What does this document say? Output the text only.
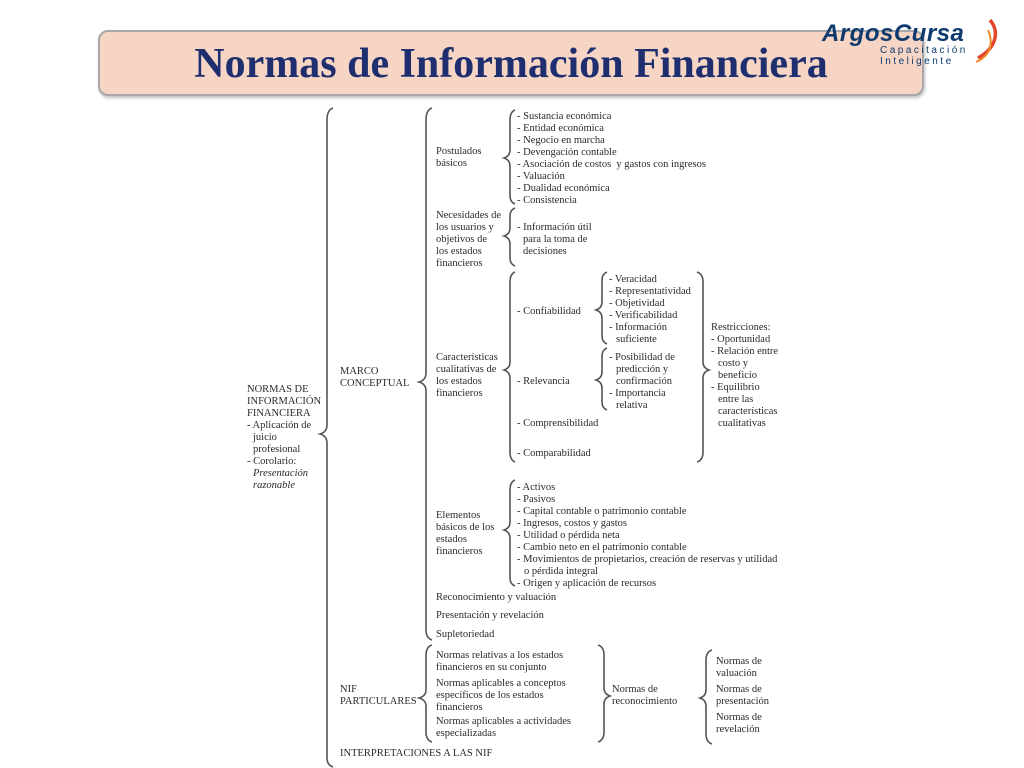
Normas de Información Financiera
ArgosCursa
Capacitación
Inteligente
NORMAS DE
INFORMACIÓN
FINANCIERA
- Aplicación de
juicio
profesional
- Corolario:
Presentación
razonable
MARCO
CONCEPTUAL
NIF
PARTICULARES
INTERPRETACIONES A LAS NIF
Postulados
básicos
- Sustancia económica
- Entidad económica
- Negocio en marcha
- Devengación contable
- Asociación de costos  y gastos con ingresos
- Valuación
- Dualidad económica
- Consistencia
Necesidades de
los usuarios y
objetivos de
los estados
financieros
- Información útil
para la toma de
decisiones
Características
cualitativas de
los estados
financieros
- Confiabilidad
- Veracidad
- Representatividad
- Objetividad
- Verificabilidad
- Información
suficiente
- Relevancia
- Posibilidad de
predicción y
confirmación
- Importancia
relativa
- Comprensibilidad
- Comparabilidad
Restricciones:
- Oportunidad
- Relación entre
costo y
beneficio
- Equilibrio
entre las
características
cualitativas
Elementos
básicos de los
estados
financieros
- Activos
- Pasivos
- Capital contable o patrimonio contable
- Ingresos, costos y gastos
- Utilidad o pérdida neta
- Cambio neto en el patrimonio contable
- Movimientos de propietarios, creación de reservas y utilidad
o pérdida integral
- Origen y aplicación de recursos
Reconocimiento y valuación
Presentación y revelación
Supletoriedad
Normas relativas a los estados
financieros en su conjunto
Normas aplicables a conceptos
específicos de los estados
financieros
Normas aplicables a actividades
especializadas
Normas de
reconocimiento
Normas de
valuación
Normas de
presentación
Normas de
revelación
